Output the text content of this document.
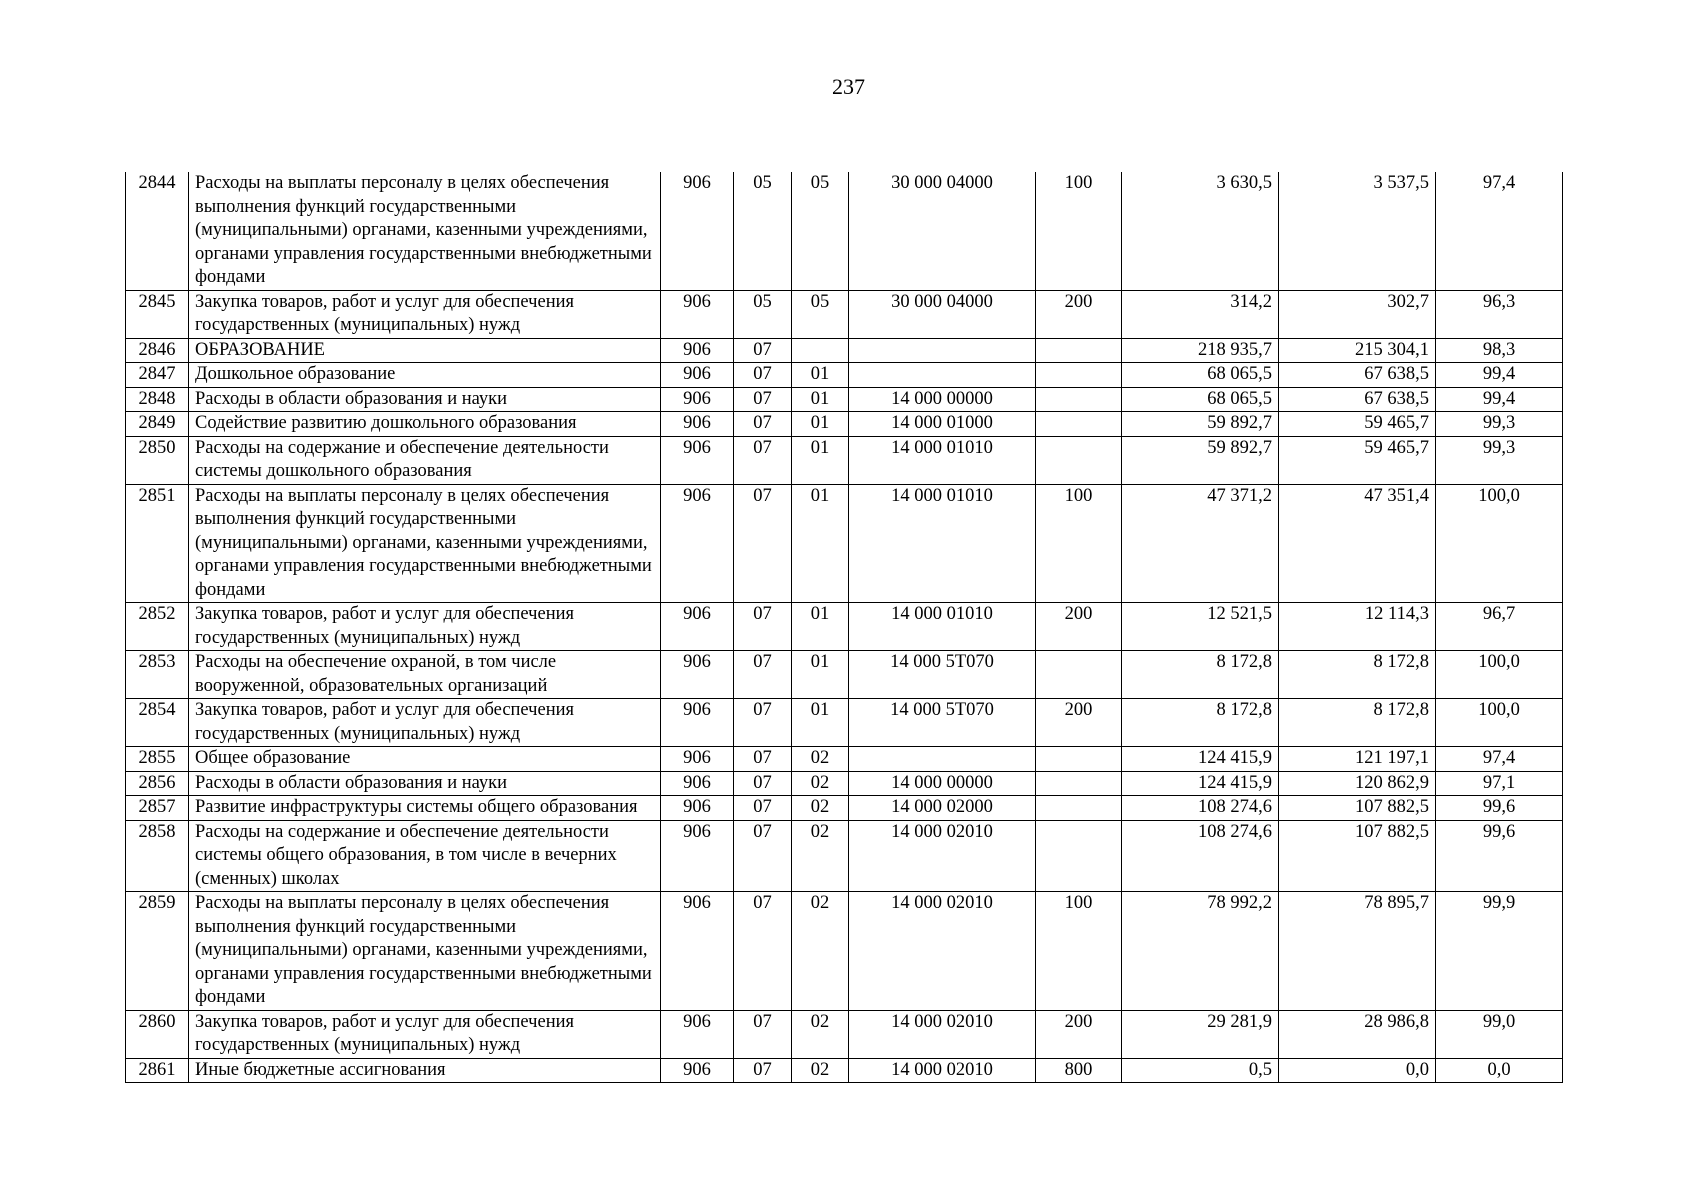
237
2844	Расходы на выплаты персоналу в целях обеспечения выполнения функций государственными (муниципальными) органами, казенными учреждениями, органами управления государственными внебюджетными фондами	906	05	05	30 000 04000	100	3 630,5	3 537,5	97,4
2845	Закупка товаров, работ и услуг для обеспечения государственных (муниципальных) нужд	906	05	05	30 000 04000	200	314,2	302,7	96,3
2846	ОБРАЗОВАНИЕ	906	07				218 935,7	215 304,1	98,3
2847	Дошкольное образование	906	07	01			68 065,5	67 638,5	99,4
2848	Расходы в области образования и науки	906	07	01	14 000 00000		68 065,5	67 638,5	99,4
2849	Содействие развитию дошкольного образования	906	07	01	14 000 01000		59 892,7	59 465,7	99,3
2850	Расходы на содержание и обеспечение деятельности системы дошкольного образования	906	07	01	14 000 01010		59 892,7	59 465,7	99,3
2851	Расходы на выплаты персоналу в целях обеспечения выполнения функций государственными (муниципальными) органами, казенными учреждениями, органами управления государственными внебюджетными фондами	906	07	01	14 000 01010	100	47 371,2	47 351,4	100,0
2852	Закупка товаров, работ и услуг для обеспечения государственных (муниципальных) нужд	906	07	01	14 000 01010	200	12 521,5	12 114,3	96,7
2853	Расходы на обеспечение охраной, в том числе вооруженной, образовательных организаций	906	07	01	14 000 5Т070		8 172,8	8 172,8	100,0
2854	Закупка товаров, работ и услуг для обеспечения государственных (муниципальных) нужд	906	07	01	14 000 5Т070	200	8 172,8	8 172,8	100,0
2855	Общее образование	906	07	02			124 415,9	121 197,1	97,4
2856	Расходы в области образования и науки	906	07	02	14 000 00000		124 415,9	120 862,9	97,1
2857	Развитие инфраструктуры системы общего образования	906	07	02	14 000 02000		108 274,6	107 882,5	99,6
2858	Расходы на содержание и обеспечение деятельности системы общего образования, в том числе в вечерних (сменных) школах	906	07	02	14 000 02010		108 274,6	107 882,5	99,6
2859	Расходы на выплаты персоналу в целях обеспечения выполнения функций государственными (муниципальными) органами, казенными учреждениями, органами управления государственными внебюджетными фондами	906	07	02	14 000 02010	100	78 992,2	78 895,7	99,9
2860	Закупка товаров, работ и услуг для обеспечения государственных (муниципальных) нужд	906	07	02	14 000 02010	200	29 281,9	28 986,8	99,0
2861	Иные бюджетные ассигнования	906	07	02	14 000 02010	800	0,5	0,0	0,0
